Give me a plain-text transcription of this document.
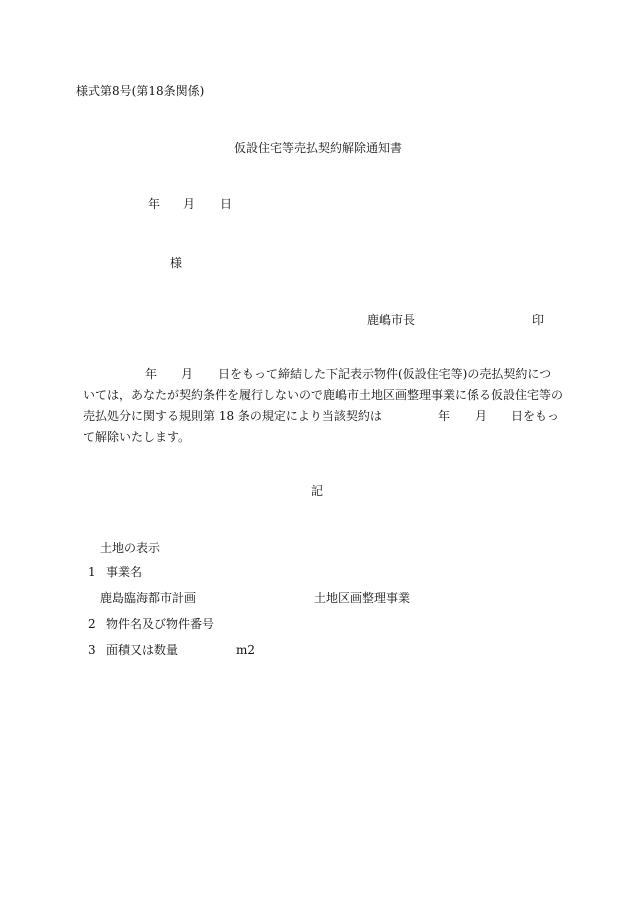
様式第8号(第18条関係)
仮設住宅等売払契約解除通知書
年 月 日
様
鹿嶋市長	印
年 月 日をもって締結した下記表示物件(仮設住宅等)の売払契約につ
いては，あなたが契約条件を履行しないので鹿嶋市土地区画整理事業に係る仮設住宅等の
売払処分に関する規則第 18 条の規定により当該契約は	年 月 日をもっ
て解除いたします。
記
土地の表示
1 事業名
鹿島臨海都市計画	土地区画整理事業
2 物件名及び物件番号
3 面積又は数量	m2
